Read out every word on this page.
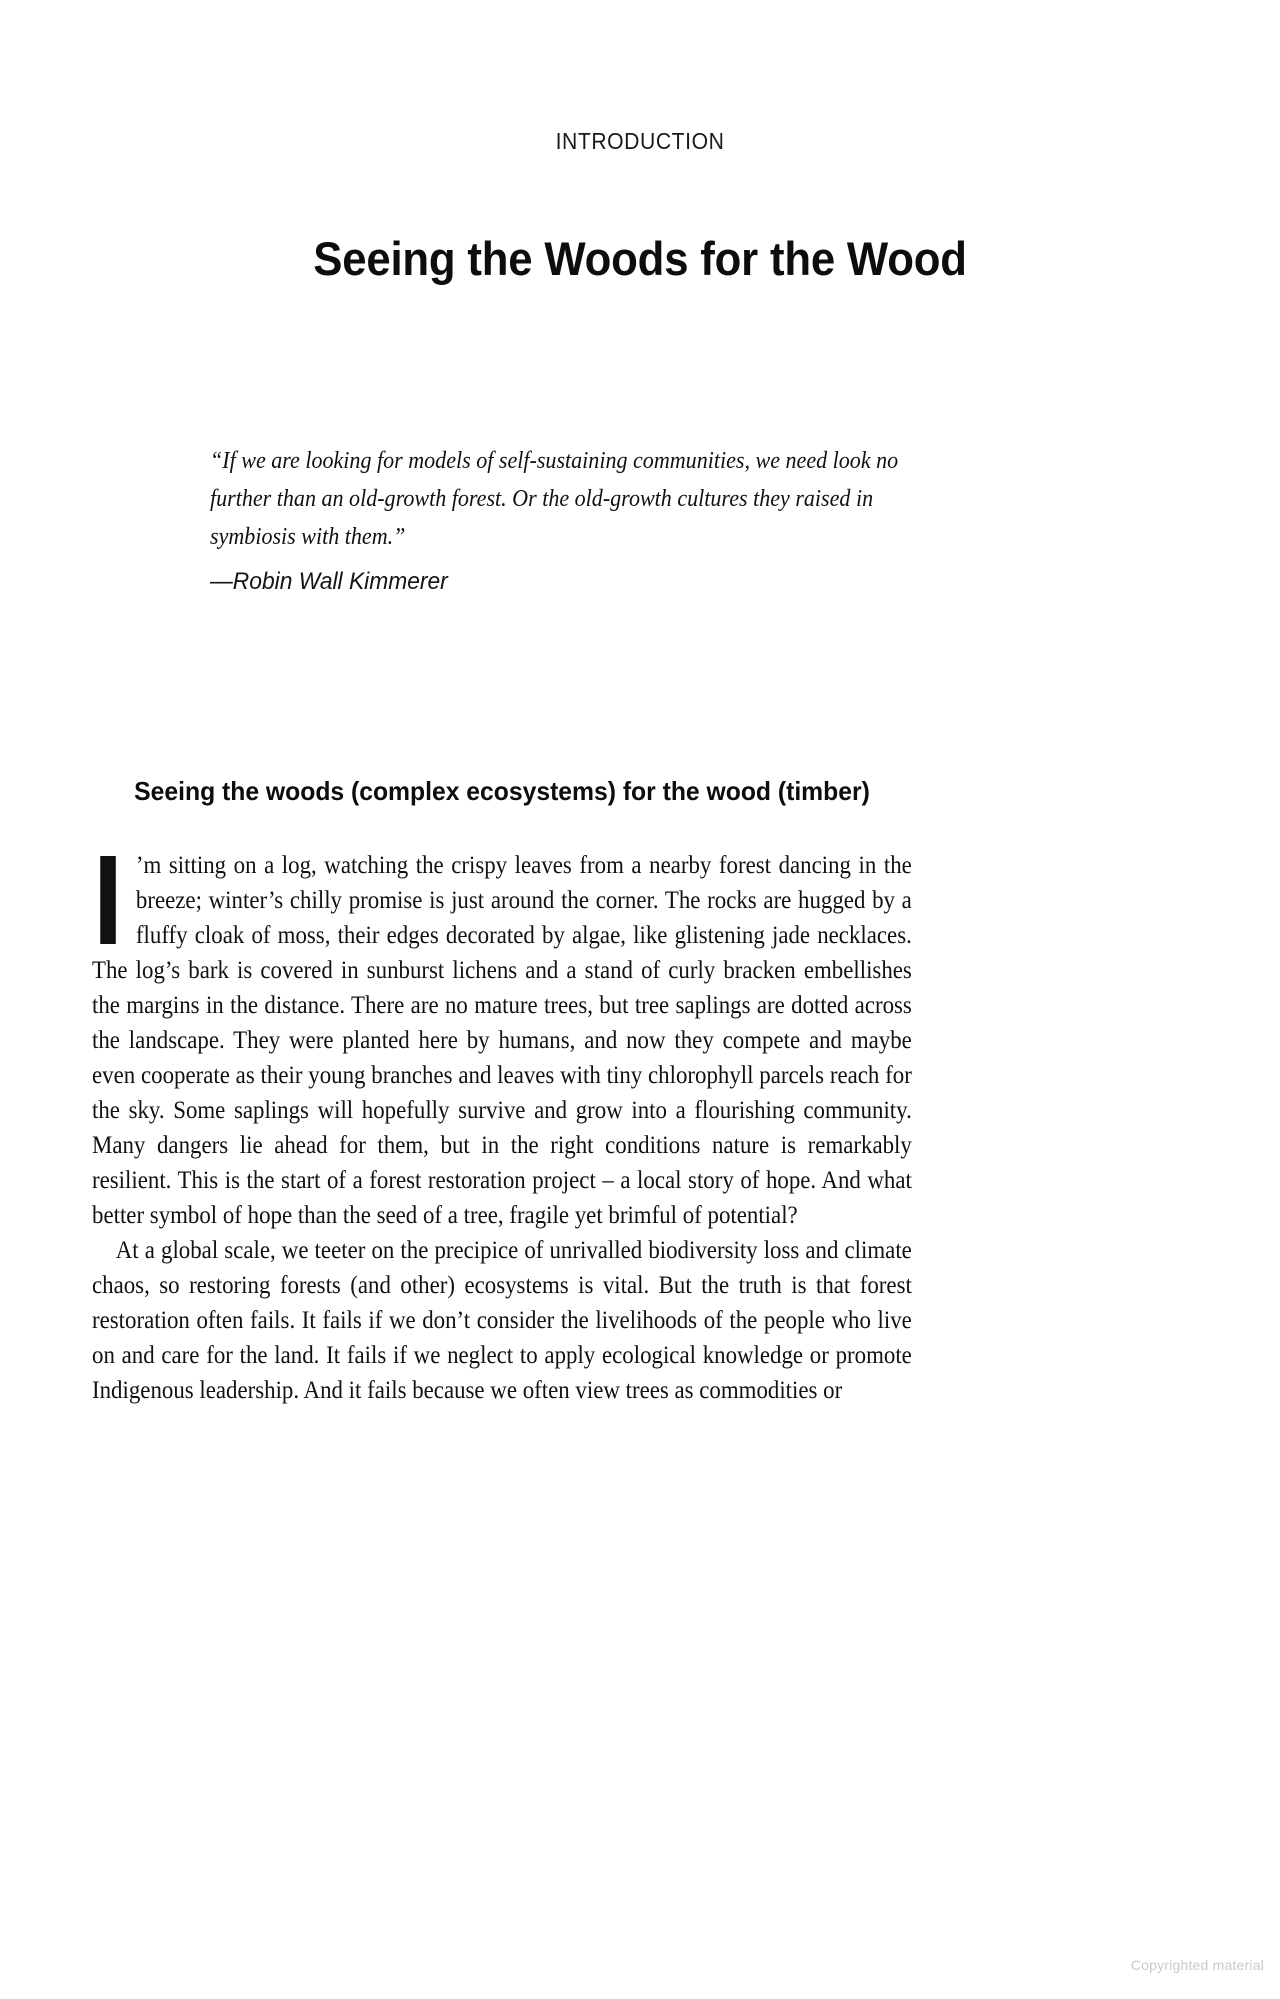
INTRODUCTION
Seeing the Woods for the Wood
“If we are looking for models of self-sustaining communities, we need look no further than an old-growth forest. Or the old-growth cultures they raised in symbiosis with them.”
—Robin Wall Kimmerer
Seeing the woods (complex ecosystems) for the wood (timber)

’m sitting on a log, watching the crispy leaves from a nearby forest dancing in the breeze; winter’s chilly promise is just around the corner. The rocks are hugged by a fluffy cloak of moss, their edges decorated by algae, like glistening jade necklaces. The log’s bark is covered in sunburst lichens and a stand of curly bracken embellishes the margins in the distance. There are no mature trees, but tree saplings are dotted across the landscape. They were planted here by humans, and now they compete and maybe even cooperate as their young branches and leaves with tiny chlorophyll parcels reach for the sky. Some saplings will hopefully survive and grow into a flourishing community. Many dangers lie ahead for them, but in the right conditions nature is remarkably resilient. This is the start of a forest restoration project – a local story of hope. And what better symbol of hope than the seed of a tree, fragile yet brimful of potential?

At a global scale, we teeter on the precipice of unrivalled biodiversity loss and climate chaos, so restoring forests (and other) ecosystems is vital. But the truth is that forest restoration often fails. It fails if we don’t consider the livelihoods of the people who live on and care for the land. It fails if we neglect to apply ecological knowledge or promote Indigenous leadership. And it fails because we often view trees as commodities or

Copyrighted material
